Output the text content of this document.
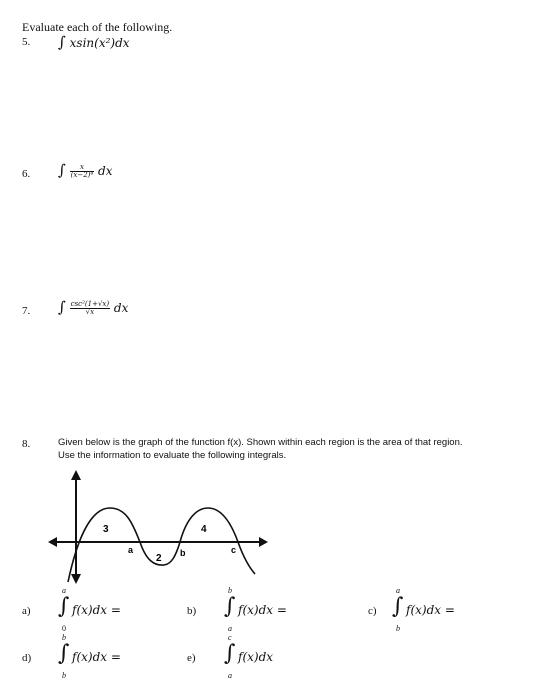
Evaluate each of the following.
5. ∫ xsin(x²)dx
6. ∫ $\frac{x}{\text{(x−2)⁴}}$ dx
7. ∫ $\frac{\text{csc²(1+√x)}}{√x}$ dx
8.	Given below is the graph of the function f(x). Shown within each region is the area of that region.
Use the information to evaluate the following integrals.
3
2
4
a	b	c
a)
a
∫ f(x)dx =
0
b)
b
∫ f(x)dx =
a
c)
a
∫ f(x)dx =
b
d)
b
∫ f(x)dx =
b
e)
c
∫ f(x)dx
a
